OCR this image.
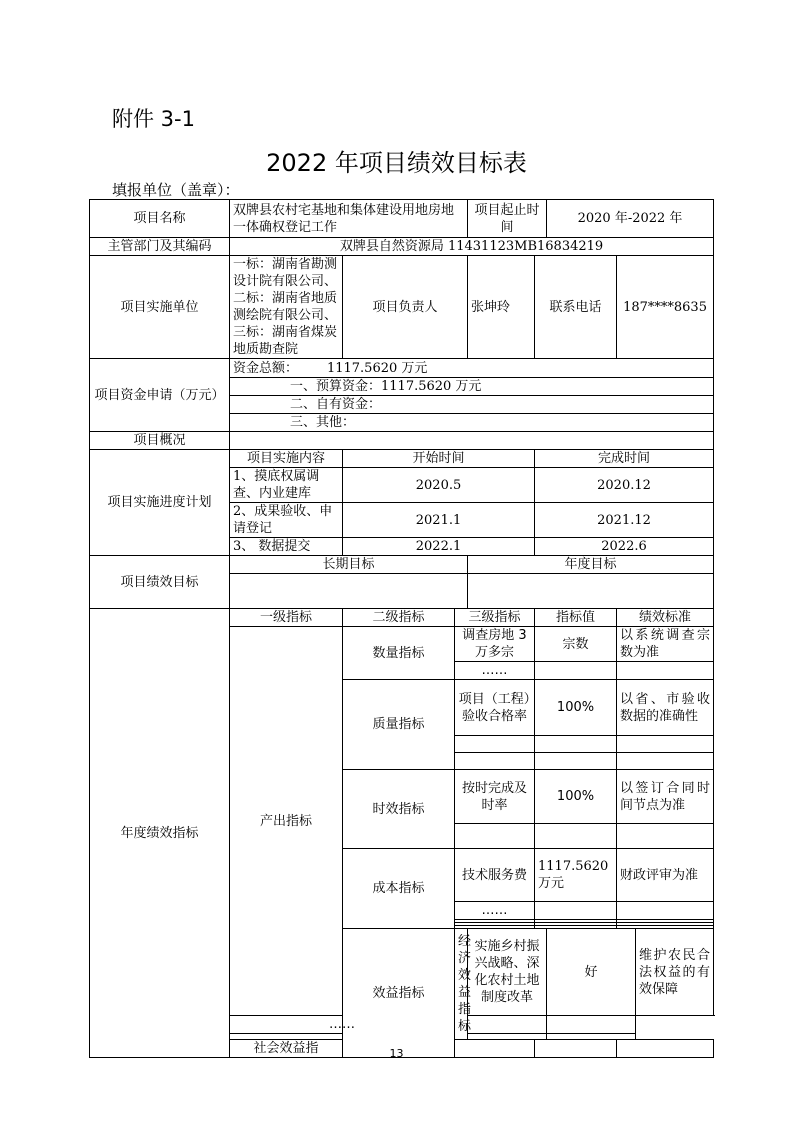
附件 3-1
2022 年项目绩效目标表
填报单位（盖章）：
项目名称	双牌县农村宅基地和集体建设用地房地一体确权登记工作			项目起止时间		2020 年-2022 年		
主管部门及其编码	双牌县自然资源局 11431123MB16834219							
项目实施单位	一标：湖南省勘测设计院有限公司、二标：湖南省地质测绘院有限公司、三标：湖南省煤炭地质勘查院	项目负责人		张坤玲	联系电话		187****8635	
项目资金申请（万元）	资金总额： 1117.5620 万元							
	一、预算资金：1117.5620 万元							
	二、自有资金：							
	三、其他：							
项目概况								
项目实施进度计划	项目实施内容	开始时间			完成时间			
	1、摸底权属调查、内业建库	2020.5			2020.12			
	2、成果验收、申请登记	2021.1			2021.12			
	3、 数据提交	2022.1			2022.6			
项目绩效目标	长期目标			年度目标				

年度绩效指标	一级指标	二级指标	三级指标		指标值		绩效标准	
	产出指标	数量指标	调查房地 3 万多宗		宗数		以系统调查宗数为准	
			……					
		质量指标	项目（工程）验收合格率		100%		以省、市验收数据的准确性	

		时效指标	按时完成及时率		100%		以签订合同时间节点为准	

		成本指标	技术服务费		1117.5620 万元		财政评审为准	
			……					

		效益指标	经济效益指标	实施乡村振兴战略、深化农村土地制度改革		好		维护农民合法权益的有效保障
	……							

	社会效益指								13
